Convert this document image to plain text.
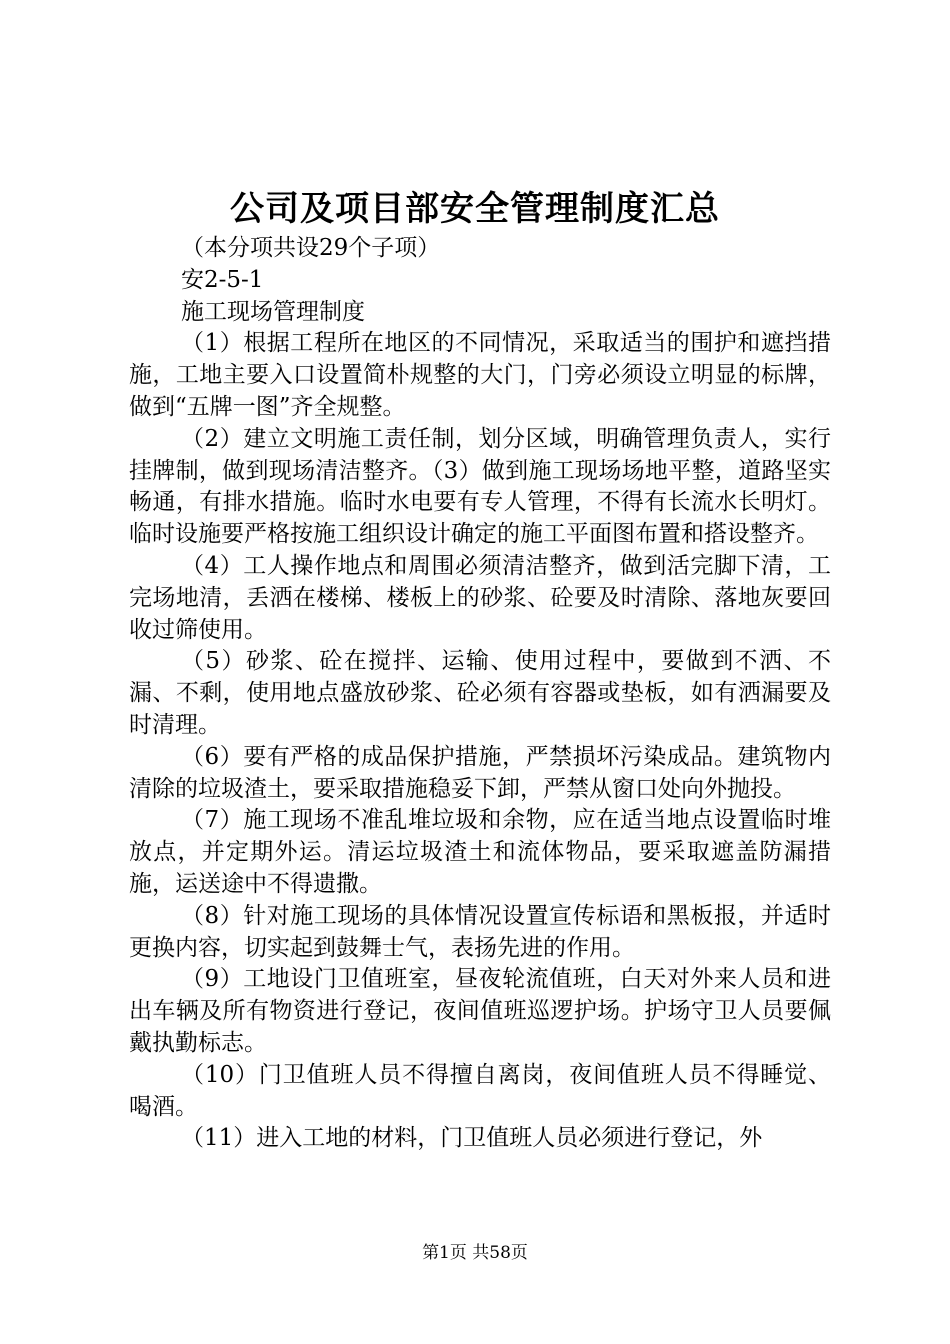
公司及项目部安全管理制度汇总

（本分项共设29个子项）

安2-5-1

施工现场管理制度

（1）根据工程所在地区的不同情况，采取适当的围护和遮挡措施，工地主要入口设置简朴规整的大门，门旁必须设立明显的标牌，做到“五牌一图”齐全规整。

（2）建立文明施工责任制，划分区域，明确管理负责人，实行挂牌制，做到现场清洁整齐。（3）做到施工现场场地平整，道路坚实畅通，有排水措施。临时水电要有专人管理，不得有长流水长明灯。临时设施要严格按施工组织设计确定的施工平面图布置和搭设整齐。

（4）工人操作地点和周围必须清洁整齐，做到活完脚下清，工完场地清，丢洒在楼梯、楼板上的砂浆、砼要及时清除、落地灰要回收过筛使用。

（5）砂浆、砼在搅拌、运输、使用过程中，要做到不洒、不漏、不剩，使用地点盛放砂浆、砼必须有容器或垫板，如有洒漏要及时清理。

（6）要有严格的成品保护措施，严禁损坏污染成品。建筑物内清除的垃圾渣土，要采取措施稳妥下卸，严禁从窗口处向外抛投。

（7）施工现场不准乱堆垃圾和余物，应在适当地点设置临时堆放点，并定期外运。清运垃圾渣土和流体物品，要采取遮盖防漏措施，运送途中不得遗撒。

（8）针对施工现场的具体情况设置宣传标语和黑板报，并适时更换内容，切实起到鼓舞士气，表扬先进的作用。

（9）工地设门卫值班室，昼夜轮流值班，白天对外来人员和进出车辆及所有物资进行登记，夜间值班巡逻护场。护场守卫人员要佩戴执勤标志。

（10）门卫值班人员不得擅自离岗，夜间值班人员不得睡觉、喝酒。

（11）进入工地的材料，门卫值班人员必须进行登记，外

第1页 共58页
